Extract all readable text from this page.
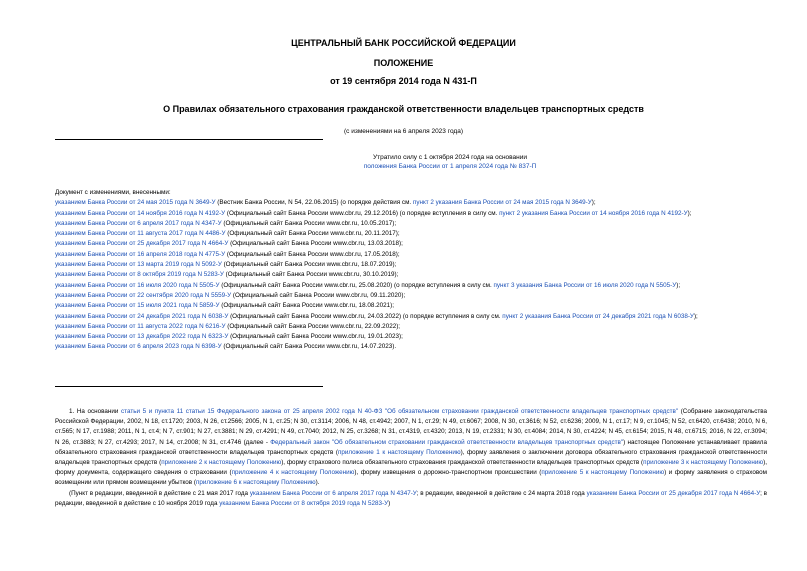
ЦЕНТРАЛЬНЫЙ БАНК РОССИЙСКОЙ ФЕДЕРАЦИИ
ПОЛОЖЕНИЕ
от 19 сентября 2014 года N 431-П
О Правилах обязательного страхования гражданской ответственности владельцев транспортных средств
(с изменениями на 6 апреля 2023 года)
Утратило силу с 1 октября 2024 года на основании
положения Банка России от 1 апреля 2024 года № 837-П
Документ с изменениями, внесенными:
указанием Банка России от 24 мая 2015 года N 3649-У (Вестник Банка России, N 54, 22.06.2015) (о порядке действия см. пункт 2 указания Банка России от 24 мая 2015 года N 3649-У);
указанием Банка России от 14 ноября 2016 года N 4192-У (Официальный сайт Банка России www.cbr.ru, 29.12.2016) (о порядке вступления в силу см. пункт 2 указания Банка России от 14 ноября 2016 года N 4192-У);
указанием Банка России от 6 апреля 2017 года N 4347-У (Официальный сайт Банка России www.cbr.ru, 10.05.2017);
указанием Банка России от 11 августа 2017 года N 4486-У (Официальный сайт Банка России www.cbr.ru, 20.11.2017);
указанием Банка России от 25 декабря 2017 года N 4664-У (Официальный сайт Банка России www.cbr.ru, 13.03.2018);
указанием Банка России от 16 апреля 2018 года N 4775-У (Официальный сайт Банка России www.cbr.ru, 17.05.2018);
указанием Банка России от 13 марта 2019 года N 5092-У (Официальный сайт Банка России www.cbr.ru, 18.07.2019);
указанием Банка России от 8 октября 2019 года N 5283-У (Официальный сайт Банка России www.cbr.ru, 30.10.2019);
указанием Банка России от 16 июля 2020 года N 5505-У (Официальный сайт Банка России www.cbr.ru, 25.08.2020) (о порядке вступления в силу см. пункт 3 указания Банка России от 16 июля 2020 года N 5505-У);
указанием Банка России от 22 сентября 2020 года N 5559-У (Официальный сайт Банка России www.cbr.ru, 09.11.2020);
указанием Банка России от 15 июля 2021 года N 5859-У (Официальный сайт Банка России www.cbr.ru, 18.08.2021);
указанием Банка России от 24 декабря 2021 года N 6038-У (Официальный сайт Банка России www.cbr.ru, 24.03.2022) (о порядке вступления в силу см. пункт 2 указания Банка России от 24 декабря 2021 года N 6038-У);
указанием Банка России от 11 августа 2022 года N 6216-У (Официальный сайт Банка России www.cbr.ru, 22.09.2022);
указанием Банка России от 13 декабря 2022 года N 6323-У (Официальный сайт Банка России www.cbr.ru, 19.01.2023);
указанием Банка России от 6 апреля 2023 года N 6398-У (Официальный сайт Банка России www.cbr.ru, 14.07.2023).

1. На основании статьи 5 и пункта 11 статьи 15 Федерального закона от 25 апреля 2002 года N 40-ФЗ "Об обязательном страховании гражданской ответственности владельцев транспортных средств" (Собрание законодательства Российской Федерации, 2002, N 18, ст.1720; 2003, N 26, ст.2566; 2005, N 1, ст.25; N 30, ст.3114; 2006, N 48, ст.4942; 2007, N 1, ст.29; N 49, ст.6067; 2008, N 30, ст.3616; N 52, ст.6236; 2009, N 1, ст.17; N 9, ст.1045; N 52, ст.6420, ст.6438; 2010, N 6, ст.565; N 17, ст.1988; 2011, N 1, ст.4; N 7, ст.901; N 27, ст.3881; N 29, ст.4291; N 49, ст.7040; 2012, N 25, ст.3268; N 31, ст.4319, ст.4320; 2013, N 19, ст.2331; N 30, ст.4084; 2014, N 30, ст.4224; N 45, ст.6154; 2015, N 48, ст.6715; 2016, N 22, ст.3094; N 26, ст.3883; N 27, ст.4293; 2017, N 14, ст.2008; N 31, ст.4746 (далее - Федеральный закон "Об обязательном страховании гражданской ответственности владельцев транспортных средств") настоящее Положение устанавливает правила обязательного страхования гражданской ответственности владельцев транспортных средств (приложение 1 к настоящему Положению), форму заявления о заключении договора обязательного страхования гражданской ответственности владельцев транспортных средств (приложение 2 к настоящему Положению), форму страхового полиса обязательного страхования гражданской ответственности владельцев транспортных средств (приложение 3 к настоящему Положению), форму документа, содержащего сведения о страховании (приложение 4 к настоящему Положению), форму извещения о дорожно-транспортном происшествии (приложение 5 к настоящему Положению) и форму заявления о страховом возмещении или прямом возмещении убытков (приложение 6 к настоящему Положению).

(Пункт в редакции, введенной в действие с 21 мая 2017 года указанием Банка России от 6 апреля 2017 года N 4347-У; в редакции, введенной в действие с 24 марта 2018 года указанием Банка России от 25 декабря 2017 года N 4664-У; в редакции, введенной в действие с 10 ноября 2019 года указанием Банка России от 8 октября 2019 года N 5283-У)
